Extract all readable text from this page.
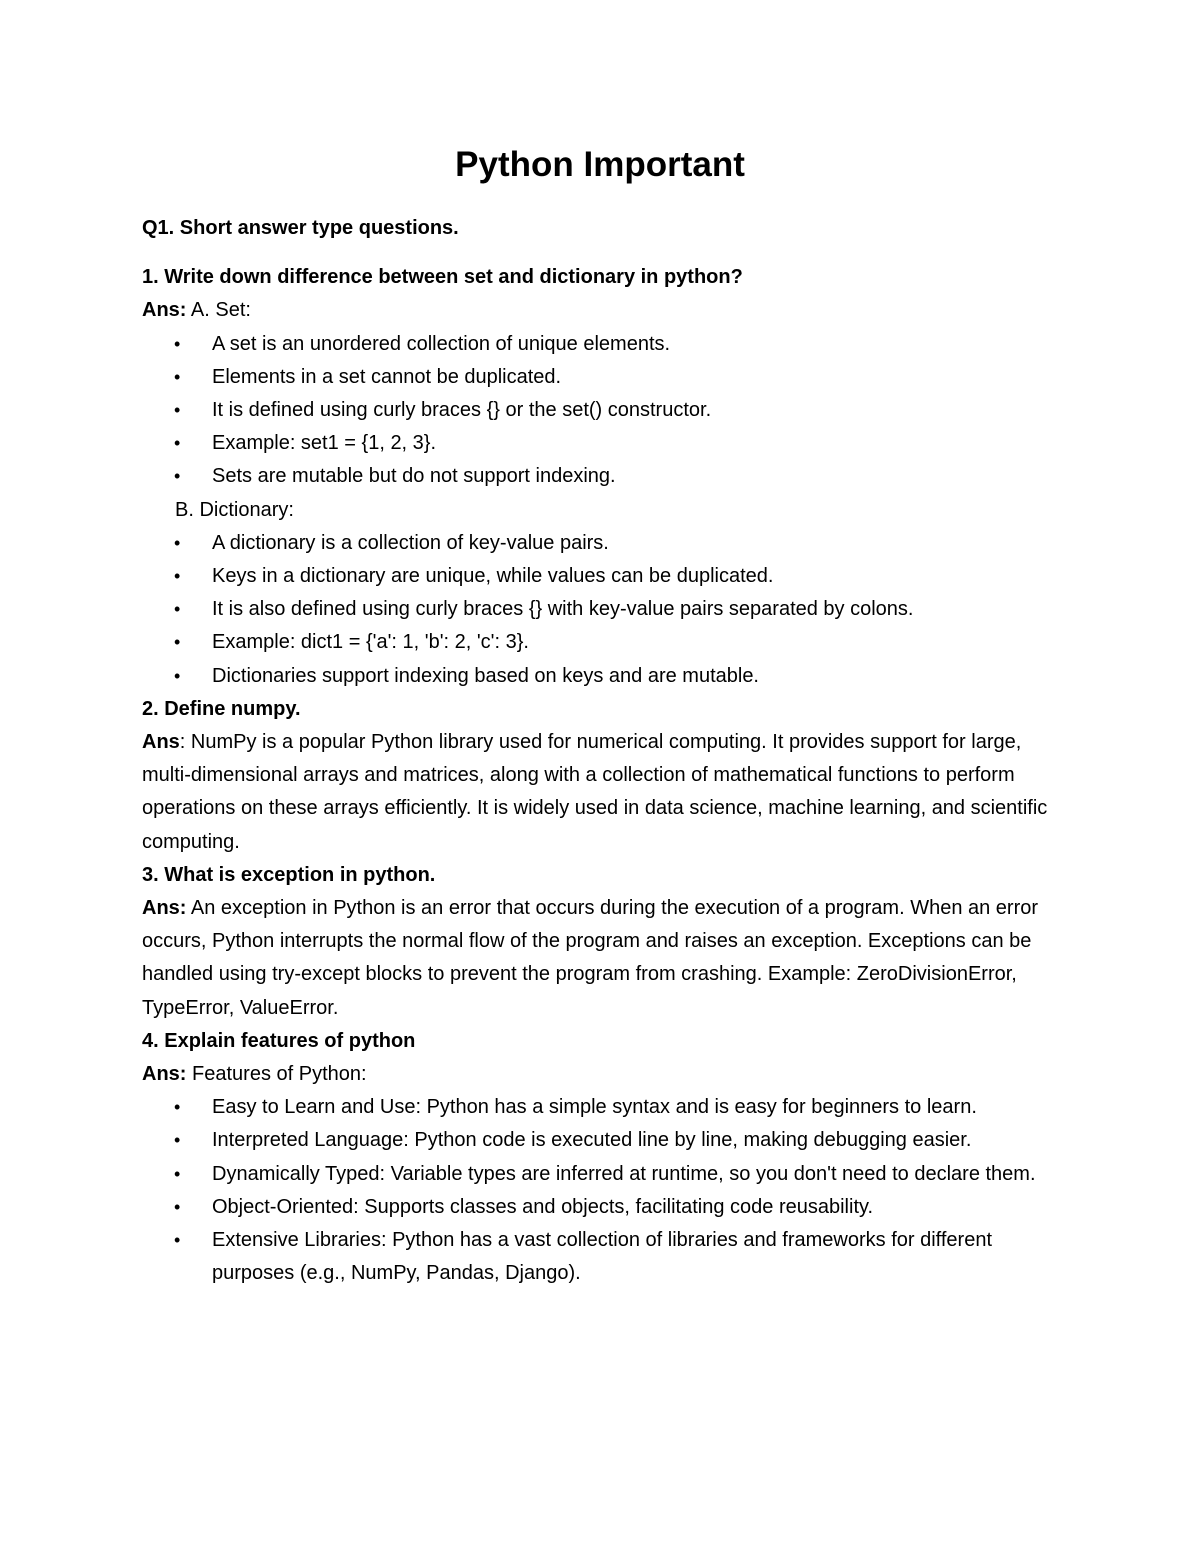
Python Important

Q1. Short answer type questions.

1. Write down difference between set and dictionary in python?

Ans: A. Set:

• A set is an unordered collection of unique elements.
• Elements in a set cannot be duplicated.
• It is defined using curly braces {} or the set() constructor.
• Example: set1 = {1, 2, 3}.
• Sets are mutable but do not support indexing.

B. Dictionary:

• A dictionary is a collection of key-value pairs.
• Keys in a dictionary are unique, while values can be duplicated.
• It is also defined using curly braces {} with key-value pairs separated by colons.
• Example: dict1 = {'a': 1, 'b': 2, 'c': 3}.
• Dictionaries support indexing based on keys and are mutable.

2. Define numpy.

Ans: NumPy is a popular Python library used for numerical computing. It provides support for large, multi-dimensional arrays and matrices, along with a collection of mathematical functions to perform operations on these arrays efficiently. It is widely used in data science, machine learning, and scientific computing.

3. What is exception in python.

Ans: An exception in Python is an error that occurs during the execution of a program. When an error occurs, Python interrupts the normal flow of the program and raises an exception. Exceptions can be handled using try-except blocks to prevent the program from crashing. Example: ZeroDivisionError, TypeError, ValueError.

4. Explain features of python

Ans: Features of Python:

• Easy to Learn and Use: Python has a simple syntax and is easy for beginners to learn.
• Interpreted Language: Python code is executed line by line, making debugging easier.
• Dynamically Typed: Variable types are inferred at runtime, so you don't need to declare them.
• Object-Oriented: Supports classes and objects, facilitating code reusability.
• Extensive Libraries: Python has a vast collection of libraries and frameworks for different purposes (e.g., NumPy, Pandas, Django).
